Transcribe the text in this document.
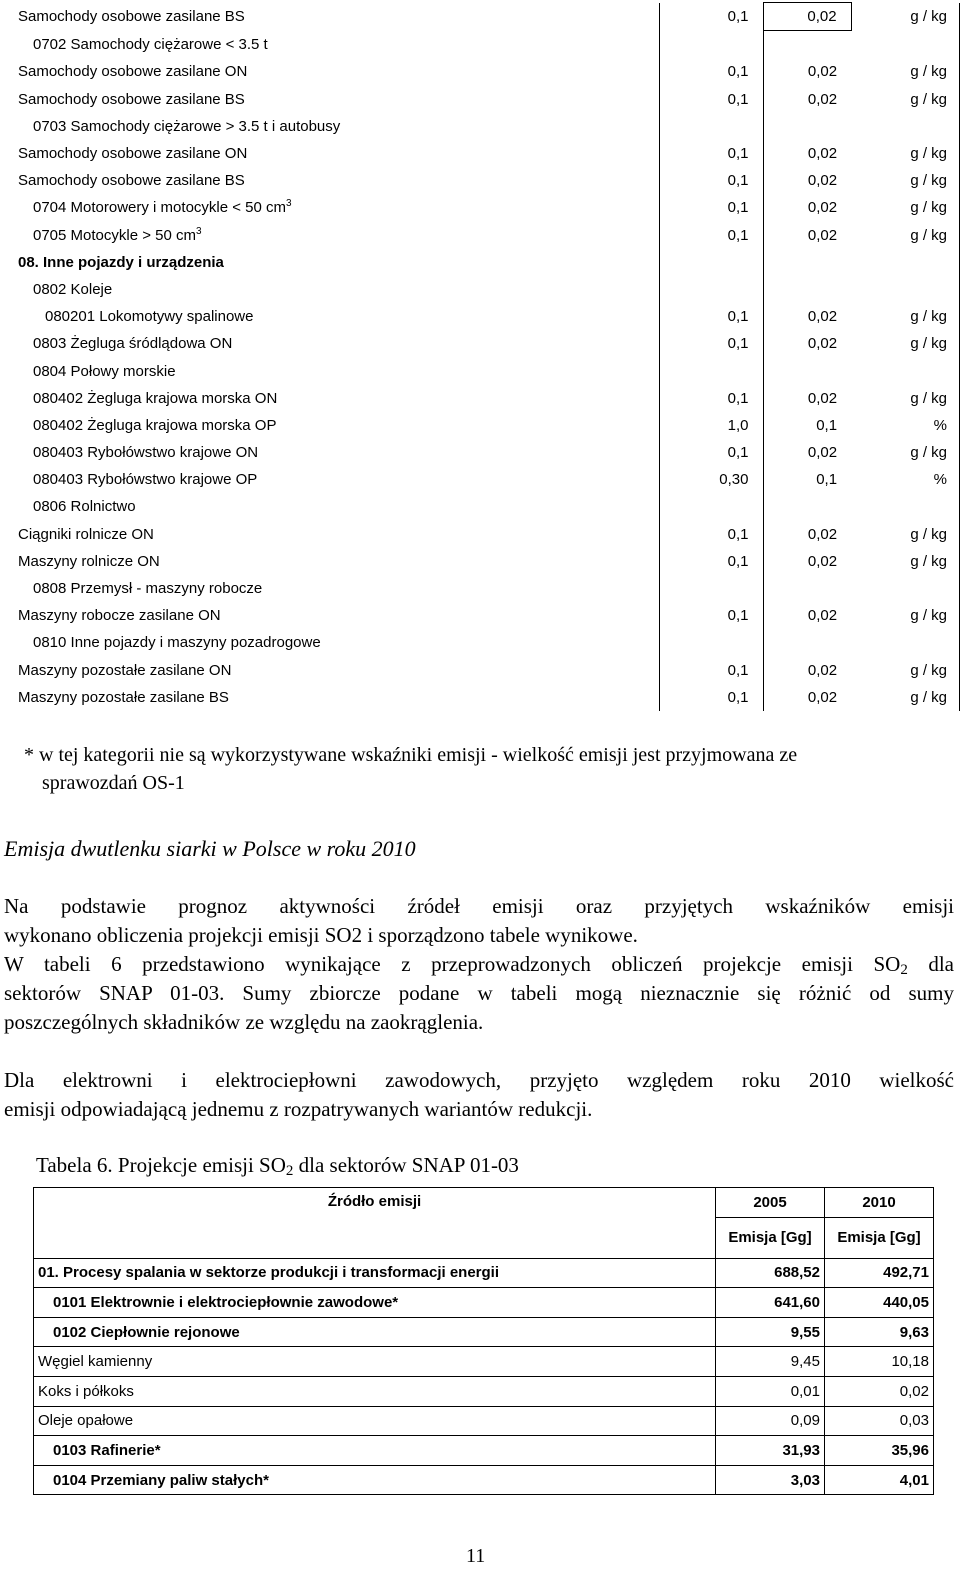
Samochody osobowe zasilane BS	0,1	0,02	g / kg
0702 Samochody ciężarowe < 3.5 t			
Samochody osobowe zasilane ON	0,1	0,02	g / kg
Samochody osobowe zasilane BS	0,1	0,02	g / kg
0703 Samochody ciężarowe > 3.5 t i autobusy			
Samochody osobowe zasilane ON	0,1	0,02	g / kg
Samochody osobowe zasilane BS	0,1	0,02	g / kg
0704 Motorowery i motocykle < 50 $cm^3$	0,1	0,02	g / kg
0705 Motocykle > 50 $cm^3$	0,1	0,02	g / kg
08. Inne pojazdy i urządzenia			
0802 Koleje			
080201 Lokomotywy spalinowe	0,1	0,02	g / kg
0803 Żegluga śródlądowa ON	0,1	0,02	g / kg
0804 Połowy morskie			
080402 Żegluga krajowa morska ON	0,1	0,02	g / kg
080402 Żegluga krajowa morska OP	1,0	0,1	%
080403 Rybołówstwo krajowe ON	0,1	0,02	g / kg
080403 Rybołówstwo krajowe OP	0,30	0,1	%
0806 Rolnictwo			
Ciągniki rolnicze ON	0,1	0,02	g / kg
Maszyny rolnicze ON	0,1	0,02	g / kg
0808 Przemysł - maszyny robocze			
Maszyny robocze zasilane ON	0,1	0,02	g / kg
0810 Inne pojazdy i maszyny pozadrogowe			
Maszyny pozostałe zasilane ON	0,1	0,02	g / kg
Maszyny pozostałe zasilane BS	0,1	0,02	g / kg
* w tej kategorii nie są wykorzystywane wskaźniki emisji - wielkość emisji jest przyjmowana ze
sprawozdań OS-1
Emisja dwutlenku siarki w Polsce w roku 2010
Na podstawie prognoz aktywności źródeł emisji oraz przyjętych wskaźników emisji
wykonano obliczenia projekcji emisji SO2 i sporządzono tabele wynikowe.
W tabeli 6 przedstawiono wynikające z przeprowadzonych obliczeń projekcje emisji $SO_2$ dla
sektorów SNAP 01-03. Sumy zbiorcze podane w tabeli mogą nieznacznie się różnić od sumy
poszczególnych składników ze względu na zaokrąglenia.
Dla elektrowni i elektrociepłowni zawodowych, przyjęto względem roku 2010 wielkość
emisji odpowiadającą jednemu z rozpatrywanych wariantów redukcji.
Tabela 6. Projekcje emisji $SO_2$ dla sektorów SNAP 01-03
Źródło emisji	2005	2010
	Emisja [Gg]	Emisja [Gg]
01. Procesy spalania w sektorze produkcji i transformacji energii	688,52	492,71
0101 Elektrownie i elektrociepłownie zawodowe*	641,60	440,05
0102 Ciepłownie rejonowe	9,55	9,63
Węgiel kamienny	9,45	10,18
Koks i półkoks	0,01	0,02
Oleje opałowe	0,09	0,03
0103 Rafinerie*	31,93	35,96
0104 Przemiany paliw stałych*	3,03	4,01
11
